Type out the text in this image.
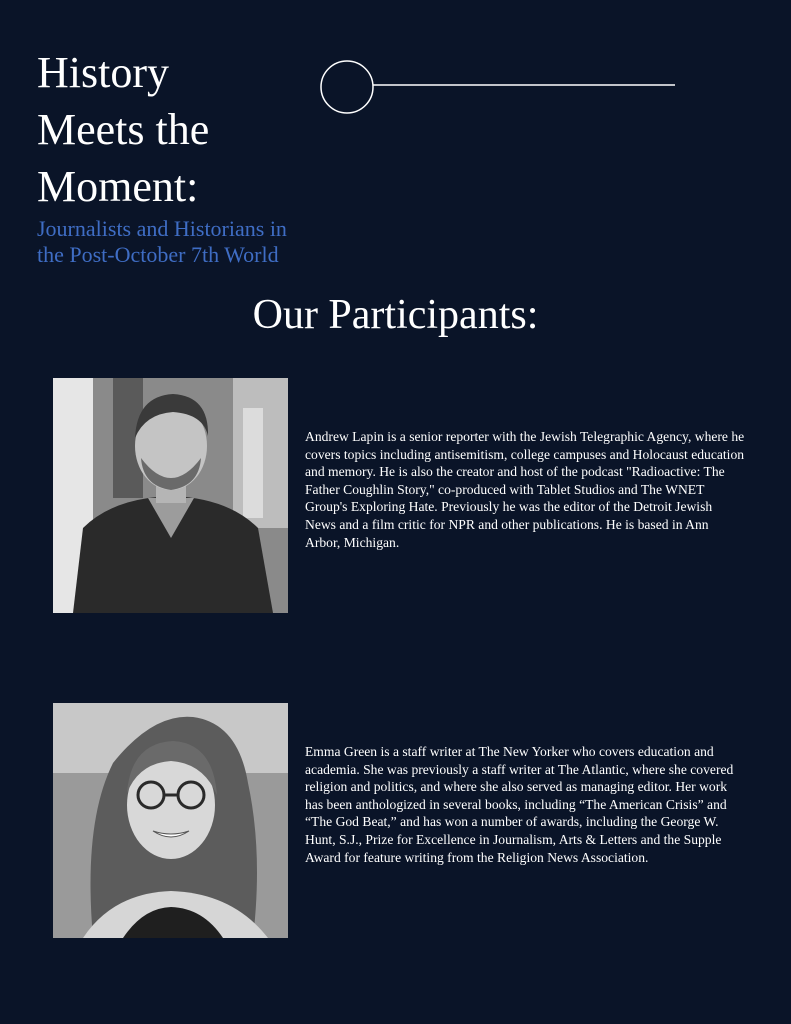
History
Meets the
Moment:

Journalists and Historians in
the Post-October 7th World

Our Participants:

Andrew Lapin is a senior reporter with the Jewish Telegraphic Agency, where he covers topics including antisemitism, college campuses and Holocaust education and memory. He is also the creator and host of the podcast "Radioactive: The Father Coughlin Story," co-produced with Tablet Studios and The WNET Group's Exploring Hate. Previously he was the editor of the Detroit Jewish News and a film critic for NPR and other publications. He is based in Ann Arbor, Michigan.

Emma Green is a staff writer at The New Yorker who covers education and academia. She was previously a staff writer at The Atlantic, where she covered religion and politics, and where she also served as managing editor. Her work has been anthologized in several books, including “The American Crisis” and “The God Beat,” and has won a number of awards, including the George W. Hunt, S.J., Prize for Excellence in Journalism, Arts & Letters and the Supple Award for feature writing from the Religion News Association.
